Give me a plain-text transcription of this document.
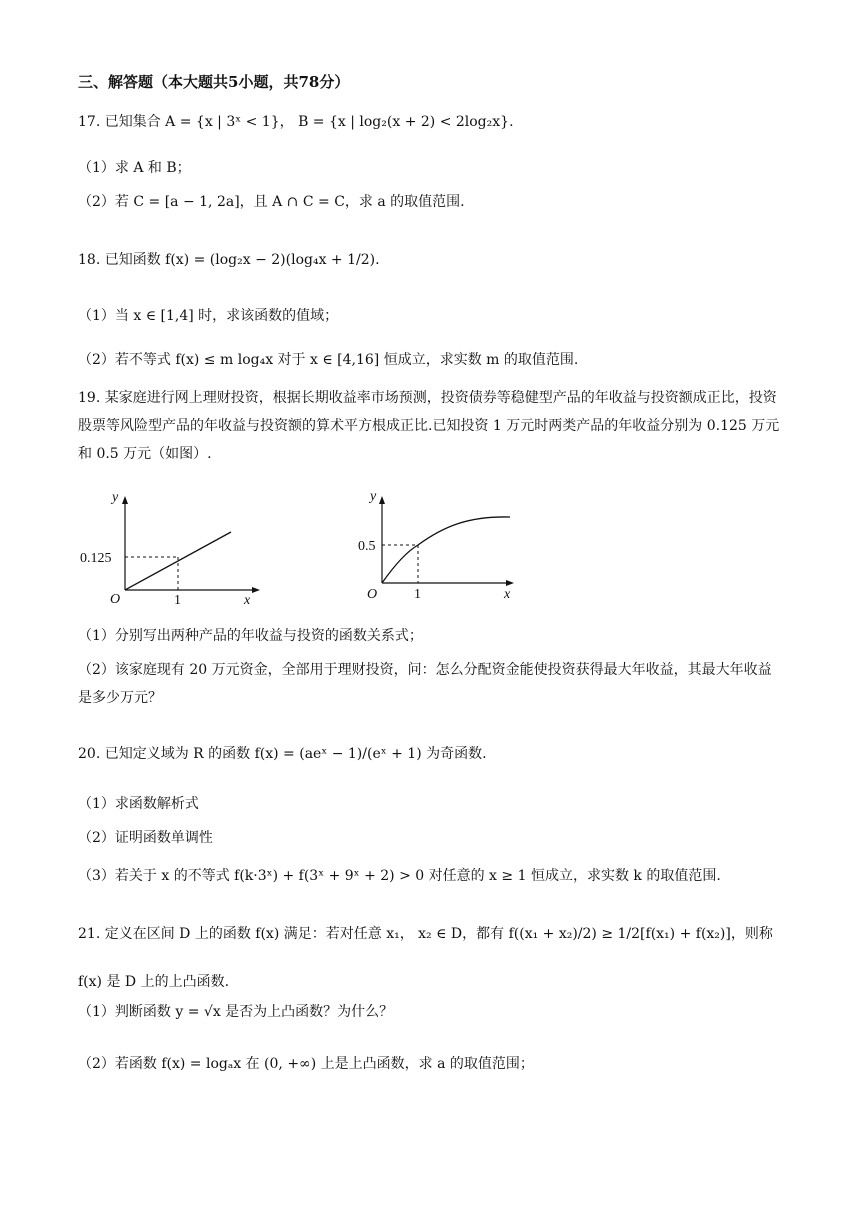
三、解答题（本大题共5小题，共78分）
17. 已知集合 A = {x | 3ˣ < 1}， B = {x | log₂(x + 2) < 2log₂x}.
（1）求 A 和 B；
（2）若 C = [a − 1, 2a]，且 A ∩ C = C，求 a 的取值范围.
18. 已知函数 f(x) = (log₂x − 2)(log₄x + 1/2).
（1）当 x ∈ [1,4] 时，求该函数的值域；
（2）若不等式 f(x) ≤ m log₄x 对于 x ∈ [4,16] 恒成立，求实数 m 的取值范围.
19. 某家庭进行网上理财投资，根据长期收益率市场预测，投资债券等稳健型产品的年收益与投资额成正比，投资股票等风险型产品的年收益与投资额的算术平方根成正比.已知投资 1 万元时两类产品的年收益分别为 0.125 万元和 0.5 万元（如图）.
y
x
O
0.125
1
y
x
O
0.5
1
（1）分别写出两种产品的年收益与投资的函数关系式；
（2）该家庭现有 20 万元资金，全部用于理财投资，问：怎么分配资金能使投资获得最大年收益，其最大年收益是多少万元？
20. 已知定义域为 R 的函数 f(x) = (aeˣ − 1)/(eˣ + 1) 为奇函数.
（1）求函数解析式
（2）证明函数单调性
（3）若关于 x 的不等式 f(k·3ˣ) + f(3ˣ + 9ˣ + 2) > 0 对任意的 x ≥ 1 恒成立，求实数 k 的取值范围.
21. 定义在区间 D 上的函数 f(x) 满足：若对任意 x₁， x₂ ∈ D，都有 f((x₁ + x₂)/2) ≥ 1/2[f(x₁) + f(x₂)]，则称 f(x) 是 D 上的上凸函数.
（1）判断函数 y = √x 是否为上凸函数？为什么？
（2）若函数 f(x) = logₐx 在 (0, +∞) 上是上凸函数，求 a 的取值范围；
